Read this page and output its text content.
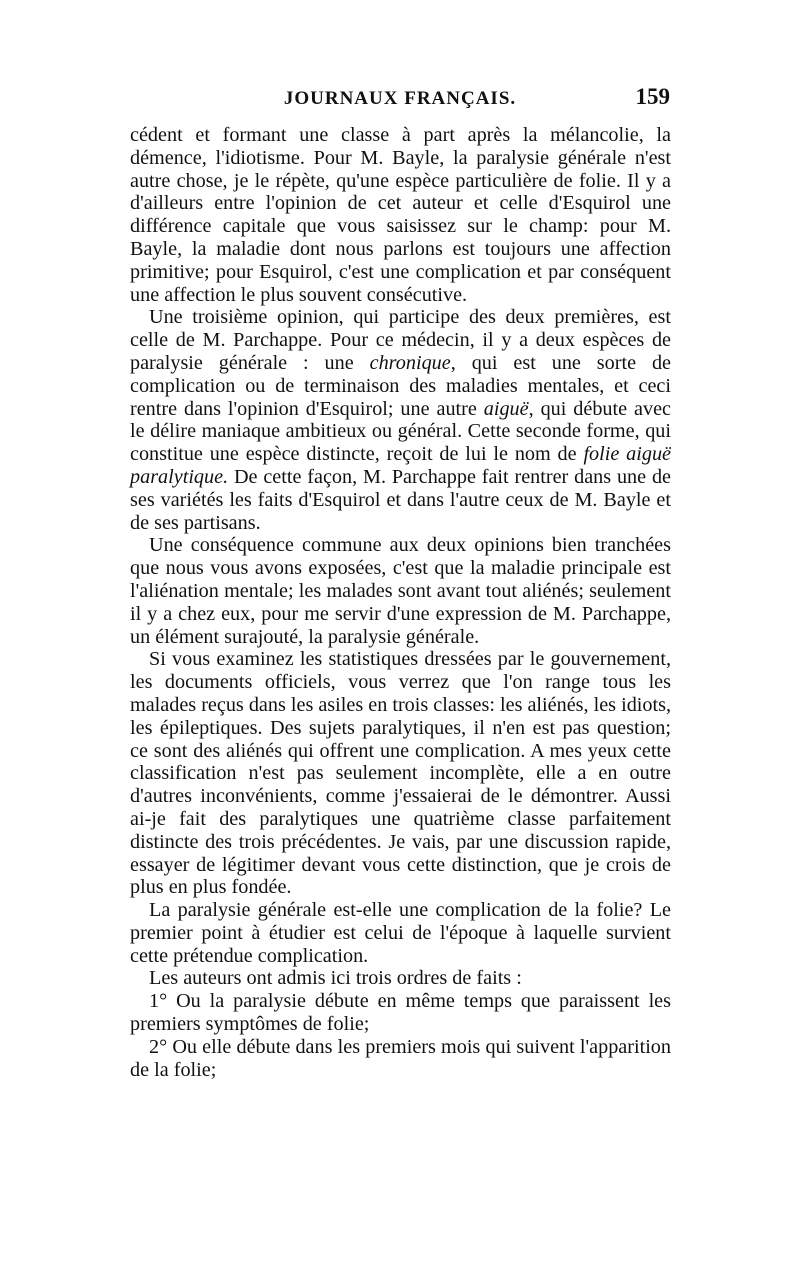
JOURNAUX FRANÇAIS.	159

cédent et formant une classe à part après la mélancolie, la démence, l'idiotisme. Pour M. Bayle, la paralysie générale n'est autre chose, je le répète, qu'une espèce particulière de folie. Il y a d'ailleurs entre l'opinion de cet auteur et celle d'Esquirol une différence capitale que vous saisissez sur le champ: pour M. Bayle, la maladie dont nous parlons est toujours une affection primitive; pour Esquirol, c'est une complication et par conséquent une affection le plus souvent consécutive.

Une troisième opinion, qui participe des deux premières, est celle de M. Parchappe. Pour ce médecin, il y a deux espèces de paralysie générale : une chronique, qui est une sorte de complication ou de terminaison des maladies mentales, et ceci rentre dans l'opinion d'Esquirol; une autre aiguë, qui débute avec le délire maniaque ambitieux ou général. Cette seconde forme, qui constitue une espèce distincte, reçoit de lui le nom de folie aiguë paralytique. De cette façon, M. Parchappe fait rentrer dans une de ses variétés les faits d'Esquirol et dans l'autre ceux de M. Bayle et de ses partisans.

Une conséquence commune aux deux opinions bien tranchées que nous vous avons exposées, c'est que la maladie principale est l'aliénation mentale; les malades sont avant tout aliénés; seulement il y a chez eux, pour me servir d'une expression de M. Parchappe, un élément surajouté, la paralysie générale.

Si vous examinez les statistiques dressées par le gouvernement, les documents officiels, vous verrez que l'on range tous les malades reçus dans les asiles en trois classes: les aliénés, les idiots, les épileptiques. Des sujets paralytiques, il n'en est pas question; ce sont des aliénés qui offrent une complication. A mes yeux cette classification n'est pas seulement incomplète, elle a en outre d'autres inconvénients, comme j'essaierai de le démontrer. Aussi ai-je fait des paralytiques une quatrième classe parfaitement distincte des trois précédentes. Je vais, par une discussion rapide, essayer de légitimer devant vous cette distinction, que je crois de plus en plus fondée.

La paralysie générale est-elle une complication de la folie? Le premier point à étudier est celui de l'époque à laquelle survient cette prétendue complication.

Les auteurs ont admis ici trois ordres de faits :

1° Ou la paralysie débute en même temps que paraissent les premiers symptômes de folie;

2° Ou elle débute dans les premiers mois qui suivent l'apparition de la folie;
